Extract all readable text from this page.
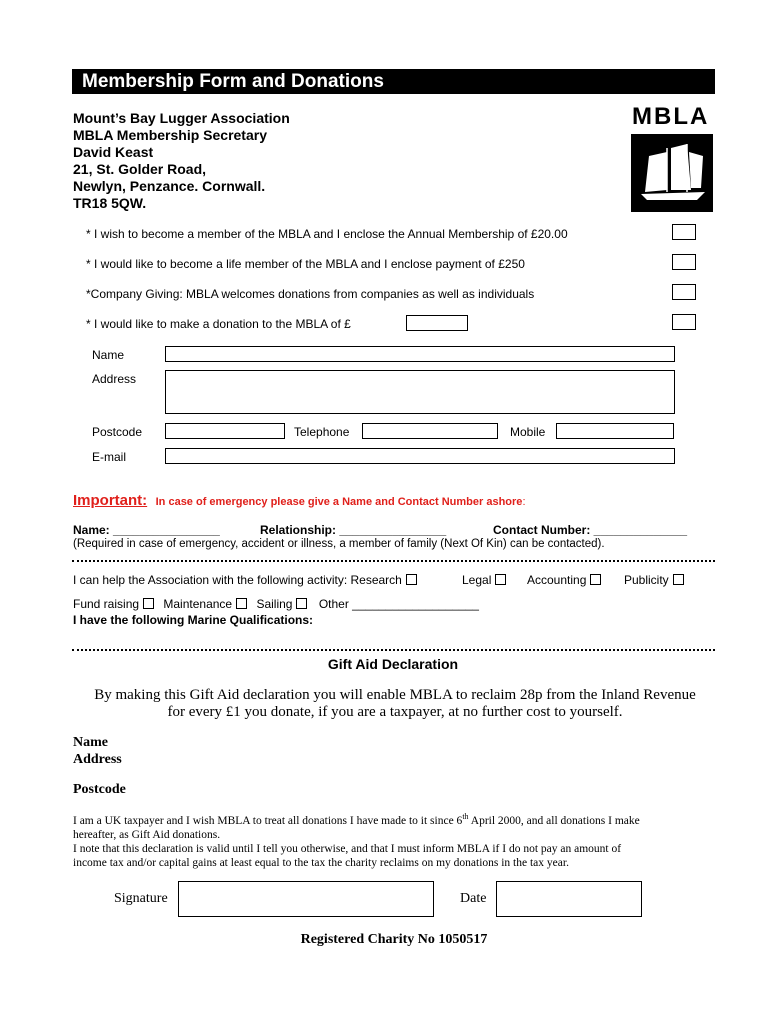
Membership Form and Donations
Mount’s Bay Lugger Association
MBLA Membership Secretary
David Keast
21, St. Golder Road,
Newlyn, Penzance. Cornwall.
TR18 5QW.
MBLA
* I wish to become a member of the MBLA and I enclose the Annual Membership of £20.00
* I would like to become a life member of the MBLA and I enclose payment of £250
*Company Giving: MBLA welcomes donations from companies as well as individuals
* I would like to make a donation to the MBLA of £
Name
Address
Postcode	Telephone	Mobile
E-mail
Important: In case of emergency please give a Name and Contact Number ashore:
Name: ________________	Relationship: ________________	Contact Number: ______________
(Required in case of emergency, accident or illness, a member of family (Next Of Kin) can be contacted).
I can help the Association with the following activity: Research	Legal	Accounting	Publicity
Fund raising Maintenance Sailing Other ___________________
I have the following Marine Qualifications:
Gift Aid Declaration
By making this Gift Aid declaration you will enable MBLA to reclaim 28p from the Inland Revenue
for every £1 you donate, if you are a taxpayer, at no further cost to yourself.
Name
Address
Postcode
I am a UK taxpayer and I wish MBLA to treat all donations I have made to it since 6th April 2000, and all donations I make
hereafter, as Gift Aid donations.
I note that this declaration is valid until I tell you otherwise, and that I must inform MBLA if I do not pay an amount of
income tax and/or capital gains at least equal to the tax the charity reclaims on my donations in the tax year.
Signature	Date
Registered Charity No 1050517
